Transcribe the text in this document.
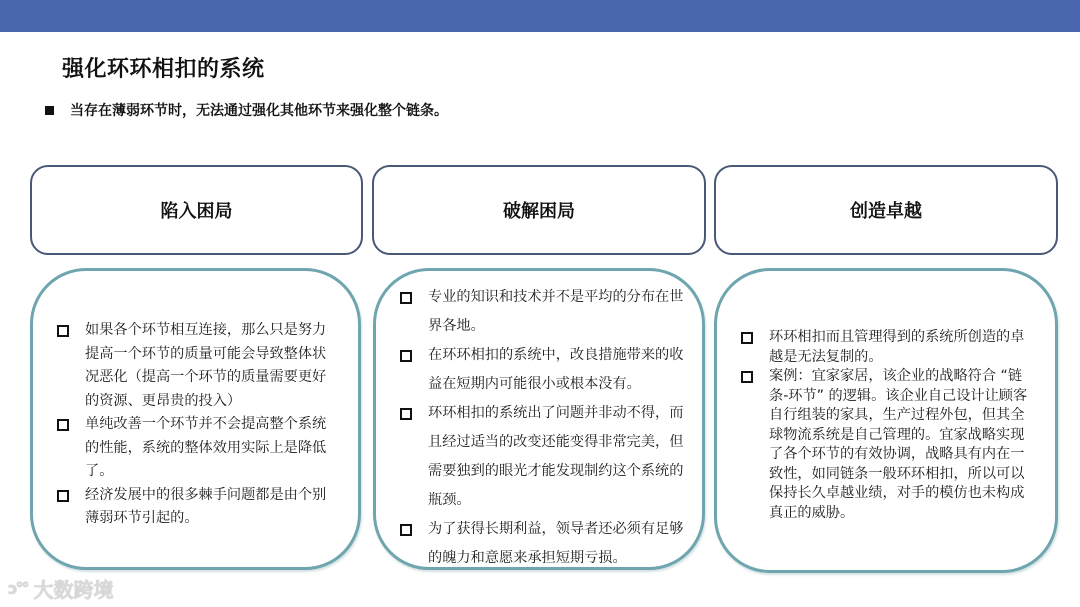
强化环环相扣的系统
当存在薄弱环节时，无法通过强化其他环节来强化整个链条。
陷入困局	破解困局	创造卓越
如果各个环节相互连接，那么只是努力提高一个环节的质量可能会导致整体状况恶化（提高一个环节的质量需要更好的资源、更昂贵的投入）
单纯改善一个环节并不会提高整个系统的性能，系统的整体效用实际上是降低了。
经济发展中的很多棘手问题都是由个别薄弱环节引起的。
专业的知识和技术并不是平均的分布在世界各地。
在环环相扣的系统中，改良措施带来的收益在短期内可能很小或根本没有。
环环相扣的系统出了问题并非动不得，而且经过适当的改变还能变得非常完美，但需要独到的眼光才能发现制约这个系统的瓶颈。
为了获得长期利益，领导者还必须有足够的魄力和意愿来承担短期亏损。
环环相扣而且管理得到的系统所创造的卓越是无法复制的。
案例：宜家家居，该企业的战略符合 “链条-环节” 的逻辑。该企业自己设计让顾客自行组装的家具，生产过程外包，但其全球物流系统是自己管理的。宜家战略实现了各个环节的有效协调，战略具有内在一致性，如同链条一般环环相扣，所以可以保持长久卓越业绩，对手的模仿也未构成真正的威胁。
ↄ°° 大数跨境
